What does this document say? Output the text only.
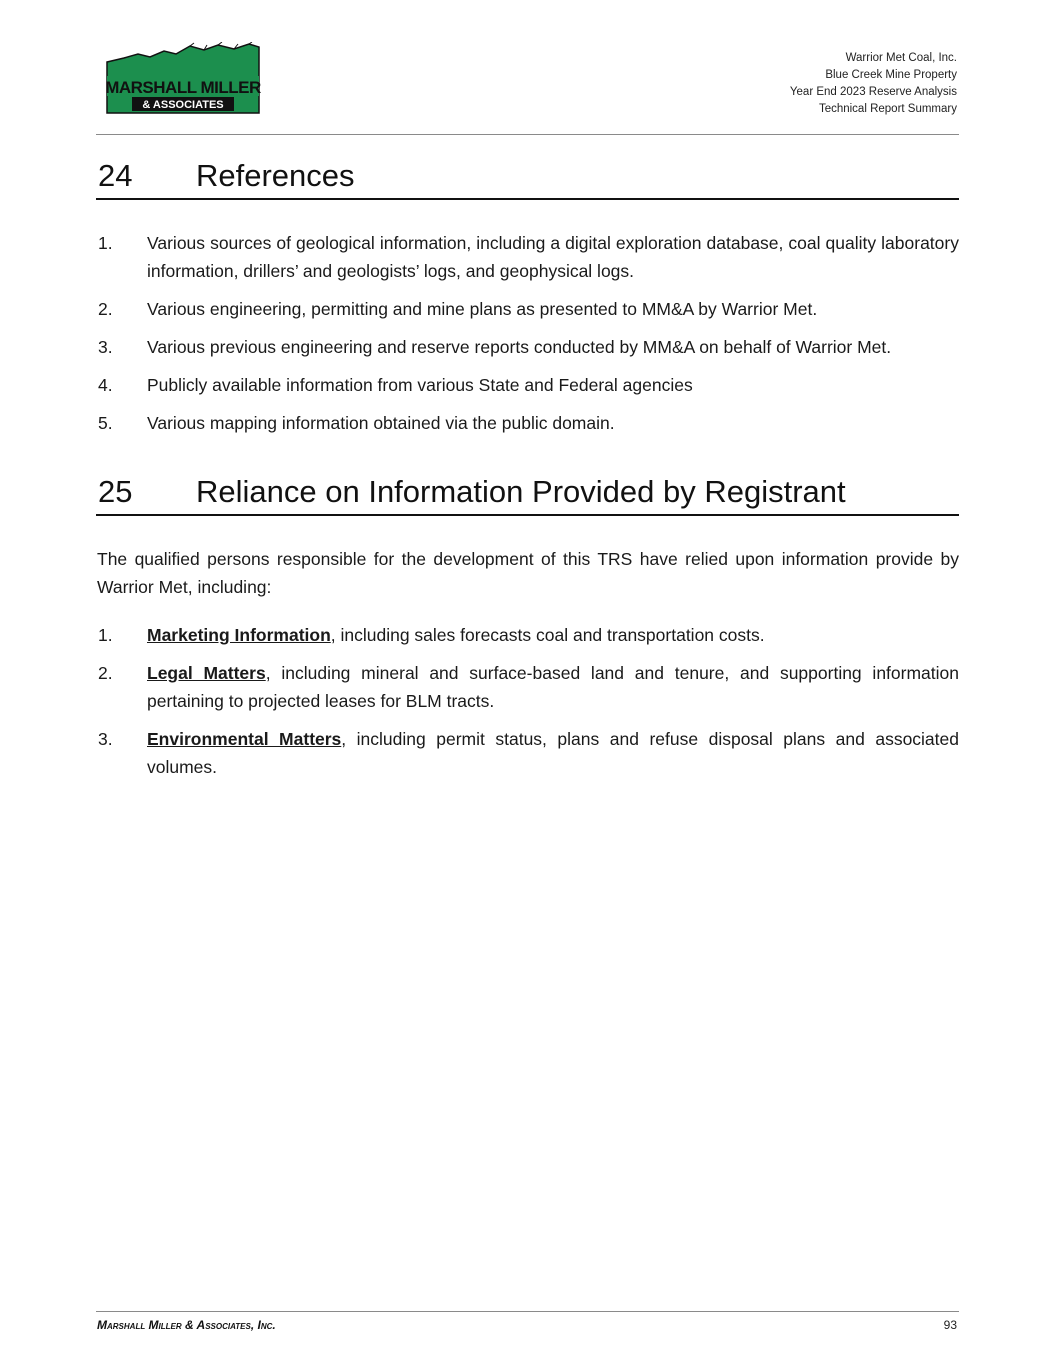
MARSHALL MILLER
& ASSOCIATES
Warrior Met Coal, Inc.
Blue Creek Mine Property
Year End 2023 Reserve Analysis
Technical Report Summary
24 References
1. Various sources of geological information, including a digital exploration database, coal quality laboratory information, drillers’ and geologists’ logs, and geophysical logs.
2. Various engineering, permitting and mine plans as presented to MM&A by Warrior Met.
3. Various previous engineering and reserve reports conducted by MM&A on behalf of Warrior Met.
4. Publicly available information from various State and Federal agencies
5. Various mapping information obtained via the public domain.
25 Reliance on Information Provided by Registrant

The qualified persons responsible for the development of this TRS have relied upon information provide by Warrior Met, including:

1. Marketing Information, including sales forecasts coal and transportation costs.
2. Legal Matters, including mineral and surface-based land and tenure, and supporting information pertaining to projected leases for BLM tracts.
3. Environmental Matters, including permit status, plans and refuse disposal plans and associated volumes.
Marshall Miller & Associates, Inc.	93
